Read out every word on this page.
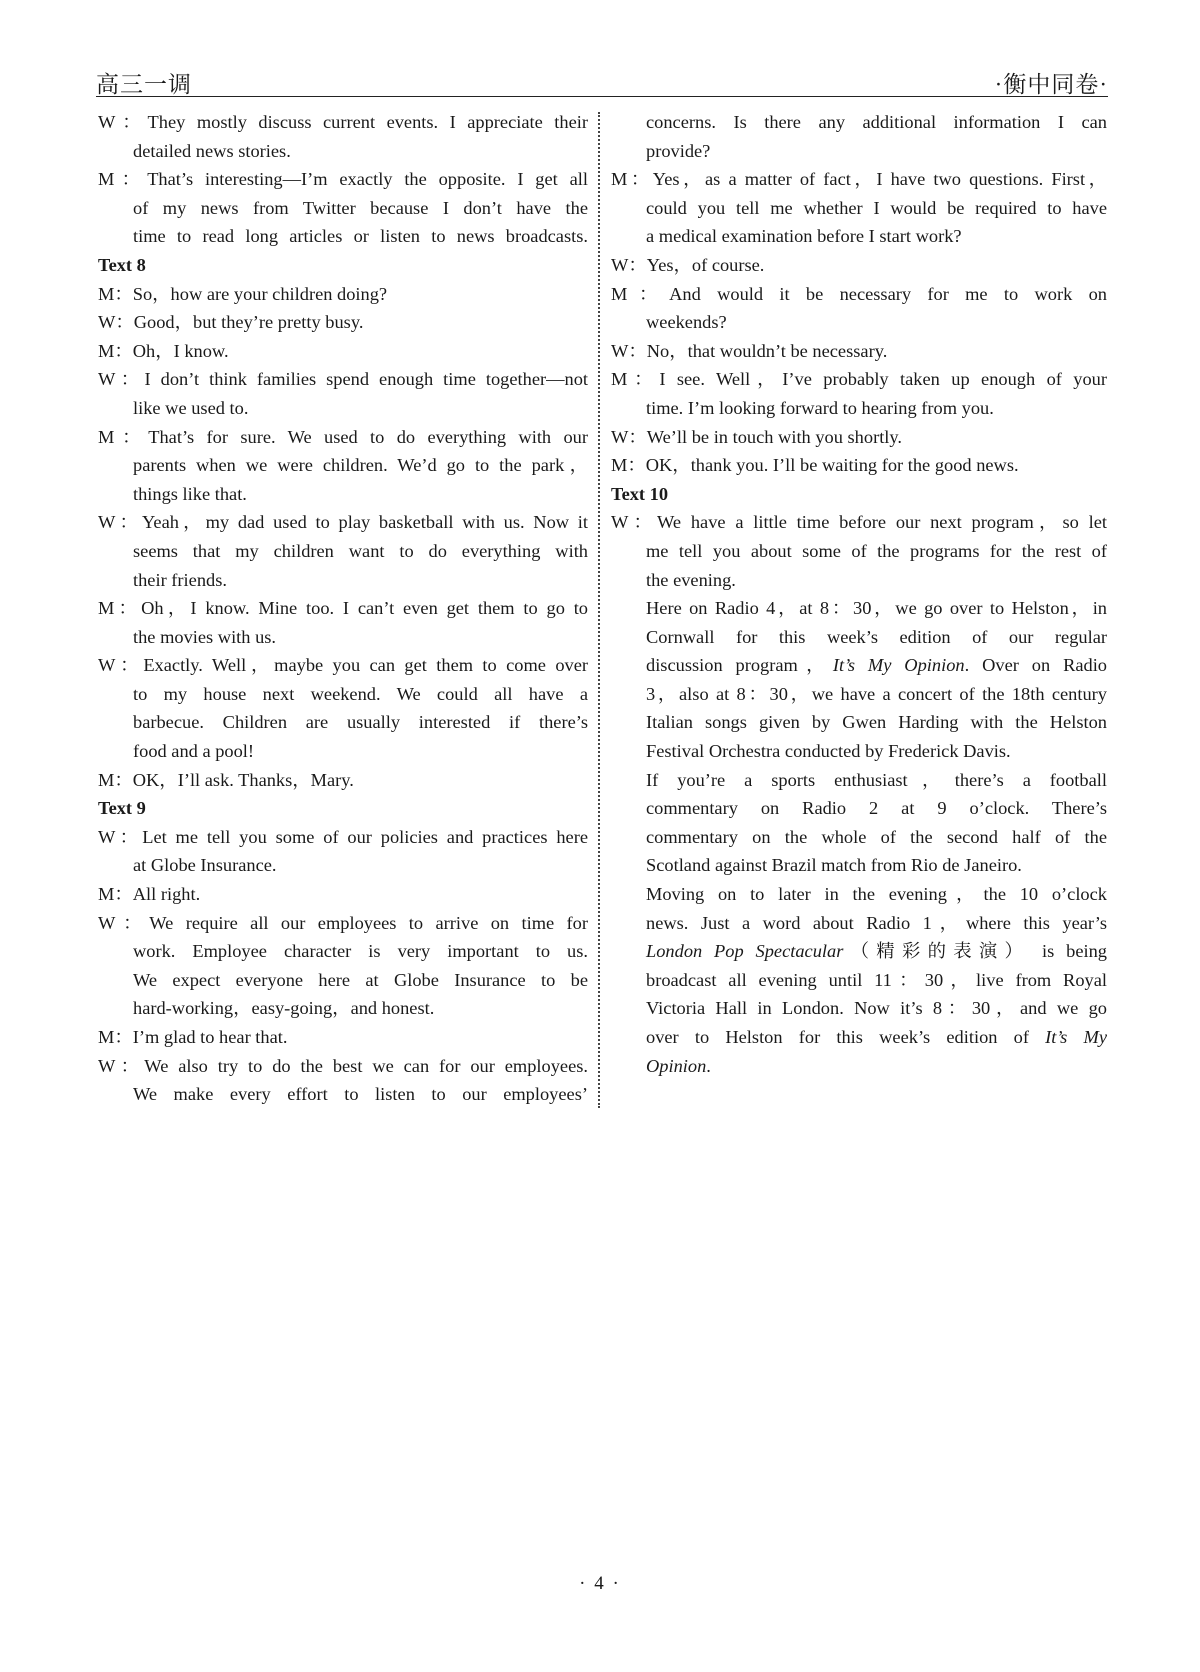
高三一调	·衡中同卷·
W：They mostly discuss current events. I appreciate their
detailed news stories.
M：That’s interesting—I’m exactly the opposite. I get all
of my news from Twitter because I don’t have the
time to read long articles or listen to news broadcasts.
Text 8
M：So，how are your children doing?
W：Good，but they’re pretty busy.
M：Oh，I know.
W：I don’t think families spend enough time together—not
like we used to.
M：That’s for sure. We used to do everything with our
parents when we were children. We’d go to the park，
things like that.
W：Yeah，my dad used to play basketball with us. Now it
seems that my children want to do everything with
their friends.
M：Oh，I know. Mine too. I can’t even get them to go to
the movies with us.
W：Exactly. Well，maybe you can get them to come over
to my house next weekend. We could all have a
barbecue. Children are usually interested if there’s
food and a pool!
M：OK，I’ll ask. Thanks，Mary.
Text 9
W：Let me tell you some of our policies and practices here
at Globe Insurance.
M：All right.
W：We require all our employees to arrive on time for
work. Employee character is very important to us.
We expect everyone here at Globe Insurance to be
hard-working，easy-going，and honest.
M：I’m glad to hear that.
W：We also try to do the best we can for our employees.
We make every effort to listen to our employees’
concerns. Is there any additional information I can
provide?
M：Yes，as a matter of fact，I have two questions. First，
could you tell me whether I would be required to have
a medical examination before I start work?
W：Yes，of course.
M：And would it be necessary for me to work on
weekends?
W：No，that wouldn’t be necessary.
M：I see. Well，I’ve probably taken up enough of your
time. I’m looking forward to hearing from you.
W：We’ll be in touch with you shortly.
M：OK，thank you. I’ll be waiting for the good news.
Text 10
W：We have a little time before our next program，so let
me tell you about some of the programs for the rest of
the evening.
Here on Radio 4，at 8：30，we go over to Helston，in
Cornwall for this week’s edition of our regular
discussion program，It’s My Opinion. Over on Radio
3，also at 8：30，we have a concert of the 18th century
Italian songs given by Gwen Harding with the Helston
Festival Orchestra conducted by Frederick Davis.
If you’re a sports enthusiast，there’s a football
commentary on Radio 2 at 9 o’clock. There’s
commentary on the whole of the second half of the
Scotland against Brazil match from Rio de Janeiro.
Moving on to later in the evening，the 10 o’clock
news. Just a word about Radio 1，where this year’s
London Pop Spectacular（精彩的表演） is being
broadcast all evening until 11：30，live from Royal
Victoria Hall in London. Now it’s 8：30，and we go
over to Helston for this week’s edition of It’s My
Opinion.
· 4 ·
